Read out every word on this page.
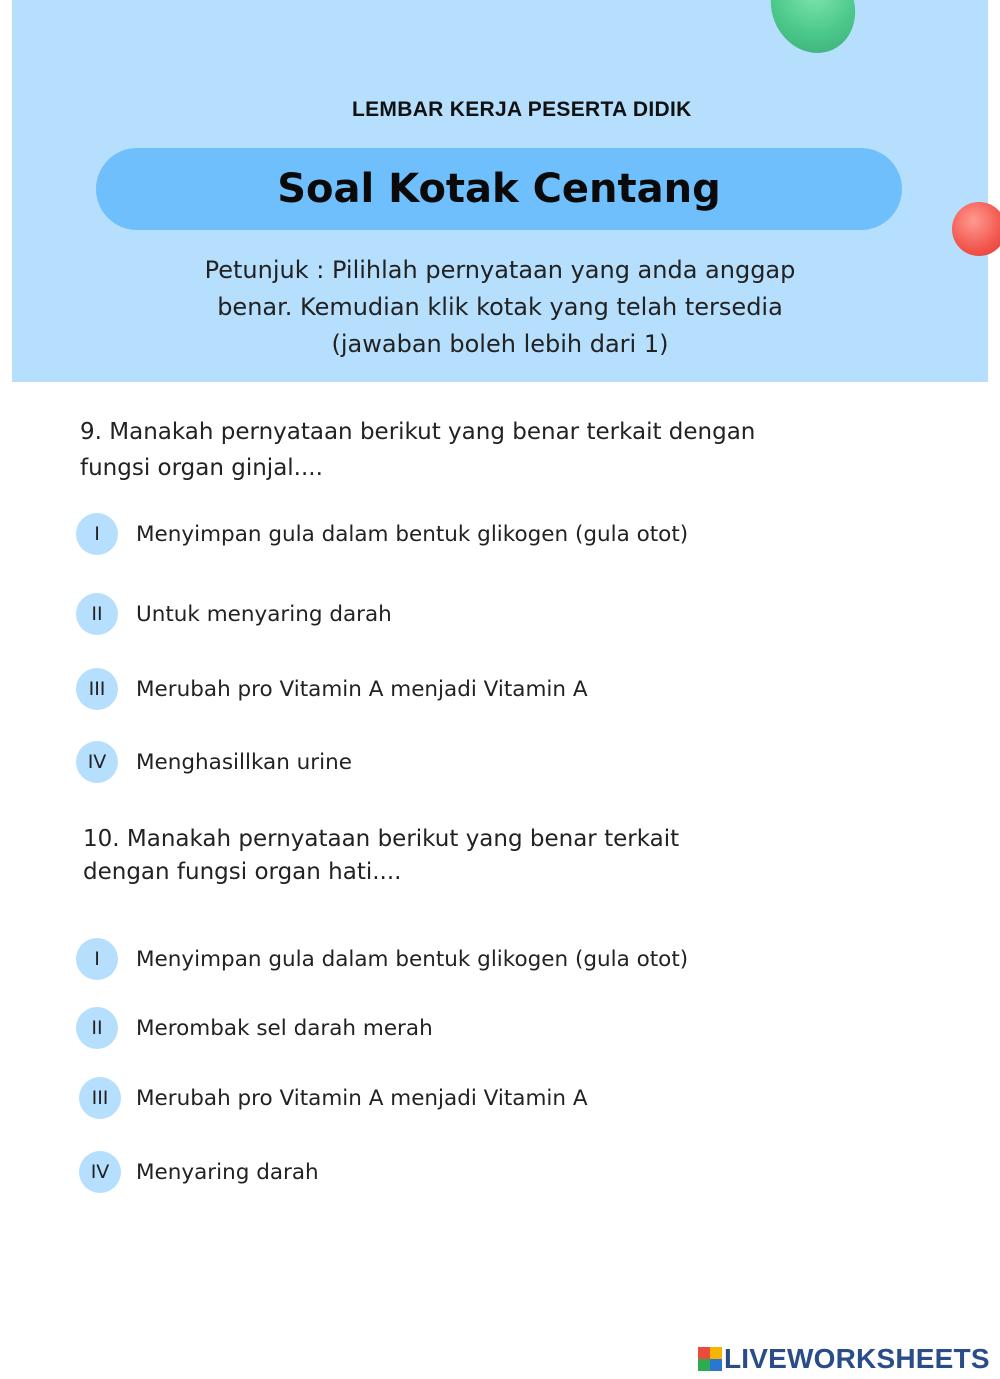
LEMBAR KERJA PESERTA DIDIK
Soal Kotak Centang
Petunjuk : Pilihlah pernyataan yang anda anggap
benar. Kemudian klik kotak yang telah tersedia
(jawaban boleh lebih dari 1)
9. Manakah pernyataan berikut yang benar terkait dengan
fungsi organ ginjal....
I	Menyimpan gula dalam bentuk glikogen (gula otot)
II	Untuk menyaring darah
III	Merubah pro Vitamin A menjadi Vitamin A
IV	Menghasillkan urine
10. Manakah pernyataan berikut yang benar terkait
dengan fungsi organ hati....
I	Menyimpan gula dalam bentuk glikogen (gula otot)
II	Merombak sel darah merah
III	Merubah pro Vitamin A menjadi Vitamin A
IV	Menyaring darah
LIVEWORKSHEETS
